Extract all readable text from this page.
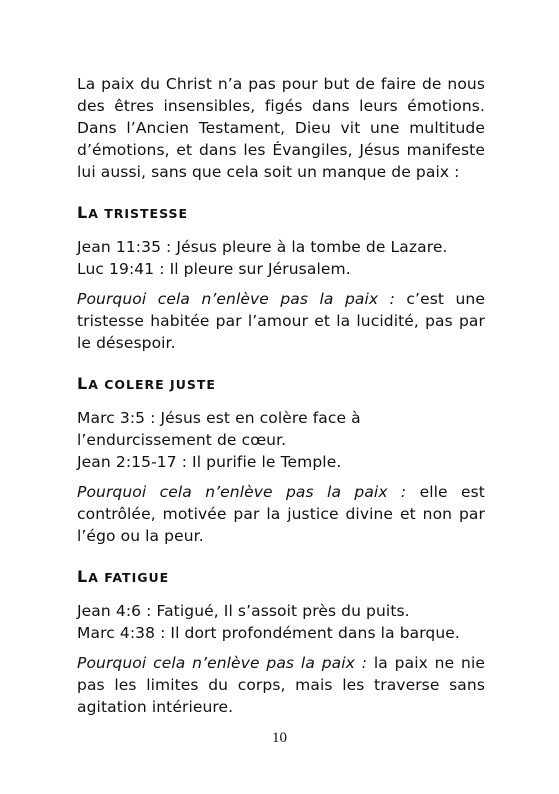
La paix du Christ n’a pas pour but de faire de nous des êtres insensibles, figés dans leurs émotions. Dans l’Ancien Testament, Dieu vit une multitude d’émotions, et dans les Évangiles, Jésus manifeste lui aussi, sans que cela soit un manque de paix :

LA TRISTESSE

Jean 11:35 : Jésus pleure à la tombe de Lazare.

Luc 19:41 : Il pleure sur Jérusalem.

Pourquoi cela n’enlève pas la paix : c’est une tristesse habitée par l’amour et la lucidité, pas par le désespoir.

LA COLERE JUSTE

Marc 3:5 : Jésus est en colère face à l’endurcissement de cœur.

Jean 2:15-17 : Il purifie le Temple.

Pourquoi cela n’enlève pas la paix : elle est contrôlée, motivée par la justice divine et non par l’égo ou la peur.

LA FATIGUE

Jean 4:6 : Fatigué, Il s’assoit près du puits.

Marc 4:38 : Il dort profondément dans la barque.

Pourquoi cela n’enlève pas la paix : la paix ne nie pas les limites du corps, mais les traverse sans agitation intérieure.

10
